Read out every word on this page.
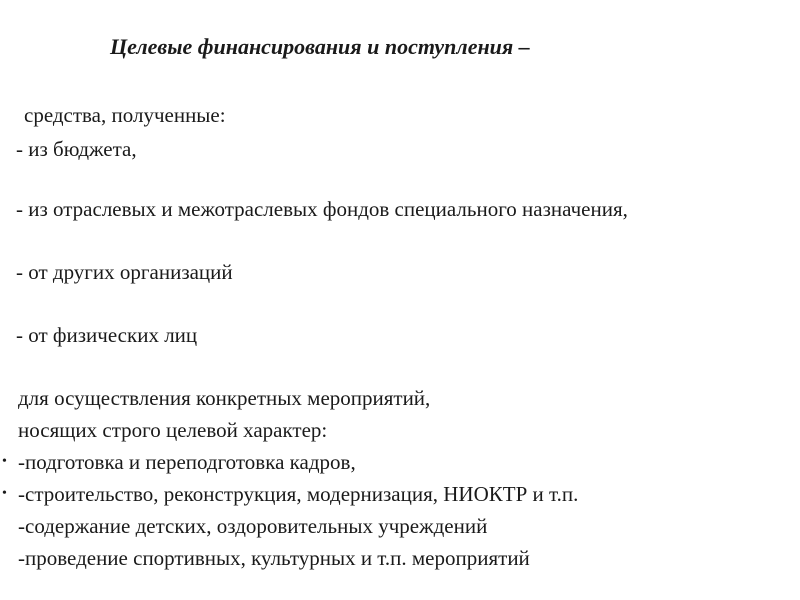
Целевые финансирования и поступления –
средства, полученные:
- из бюджета,
- из отраслевых и межотраслевых фондов специального назначения,
- от других организаций
- от физических лиц
для осуществления конкретных мероприятий,
носящих строго целевой характер:
• -подготовка и переподготовка кадров,
• -строительство, реконструкция, модернизация, НИОКТР и т.п.
-содержание детских, оздоровительных учреждений
-проведение спортивных, культурных и т.п. мероприятий
